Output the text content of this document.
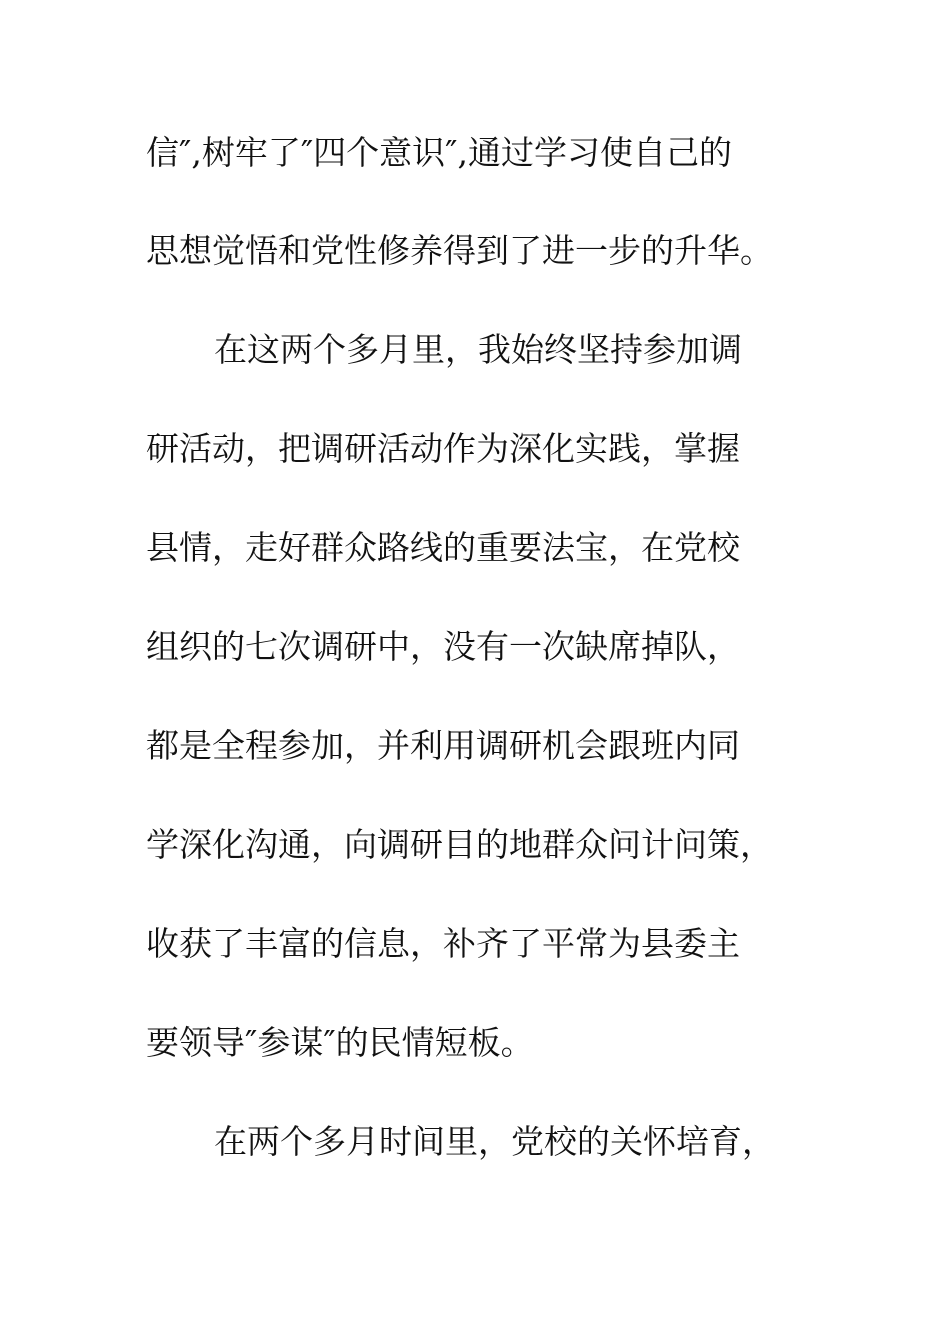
信″,树牢了″四个意识″,通过学习使自己的
思想觉悟和党性修养得到了进一步的升华。
在这两个多月里，我始终坚持参加调
研活动，把调研活动作为深化实践，掌握
县情，走好群众路线的重要法宝，在党校
组织的七次调研中，没有一次缺席掉队，
都是全程参加，并利用调研机会跟班内同
学深化沟通，向调研目的地群众问计问策，
收获了丰富的信息，补齐了平常为县委主
要领导″参谋″的民情短板。
在两个多月时间里，党校的关怀培育，
